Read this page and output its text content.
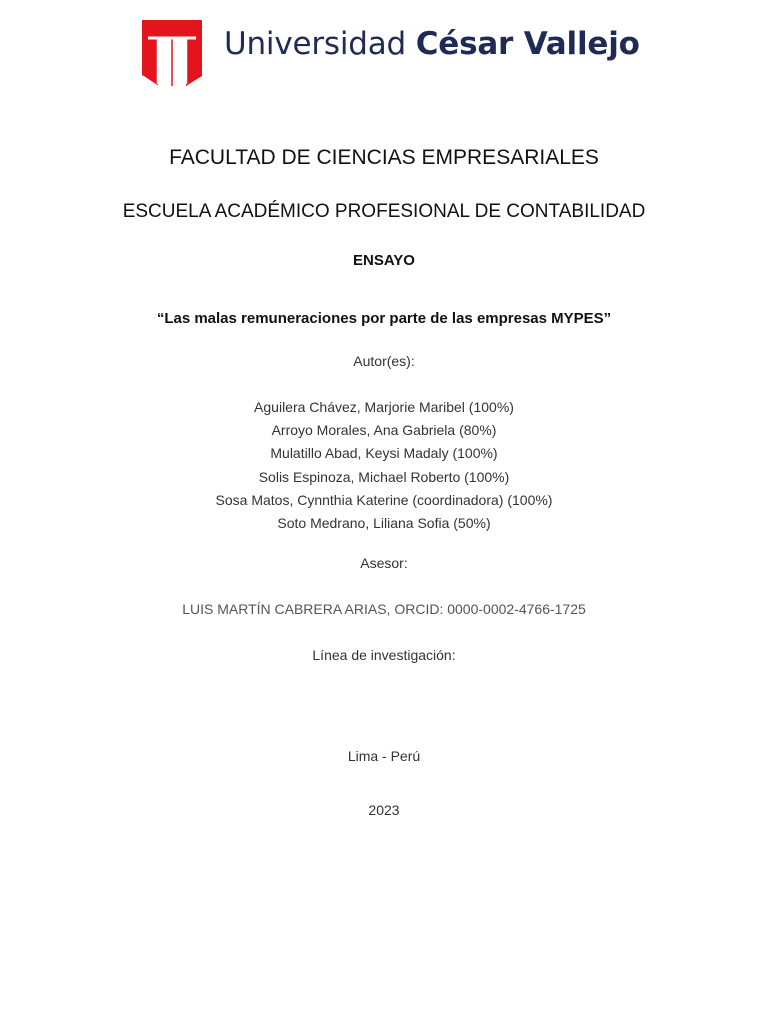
Universidad César Vallejo
FACULTAD DE CIENCIAS EMPRESARIALES
ESCUELA ACADÉMICO PROFESIONAL DE CONTABILIDAD
ENSAYO
“Las malas remuneraciones por parte de las empresas MYPES”
Autor(es):
Aguilera Chávez, Marjorie Maribel (100%)
Arroyo Morales, Ana Gabriela (80%)
Mulatillo Abad, Keysi Madaly (100%)
Solis Espinoza, Michael Roberto (100%)
Sosa Matos, Cynnthia Katerine (coordinadora) (100%)
Soto Medrano, Liliana Sofia (50%)
Asesor:
LUIS MARTÍN CABRERA ARIAS, ORCID: 0000-0002-4766-1725
Línea de investigación:
Lima - Perú
2023
